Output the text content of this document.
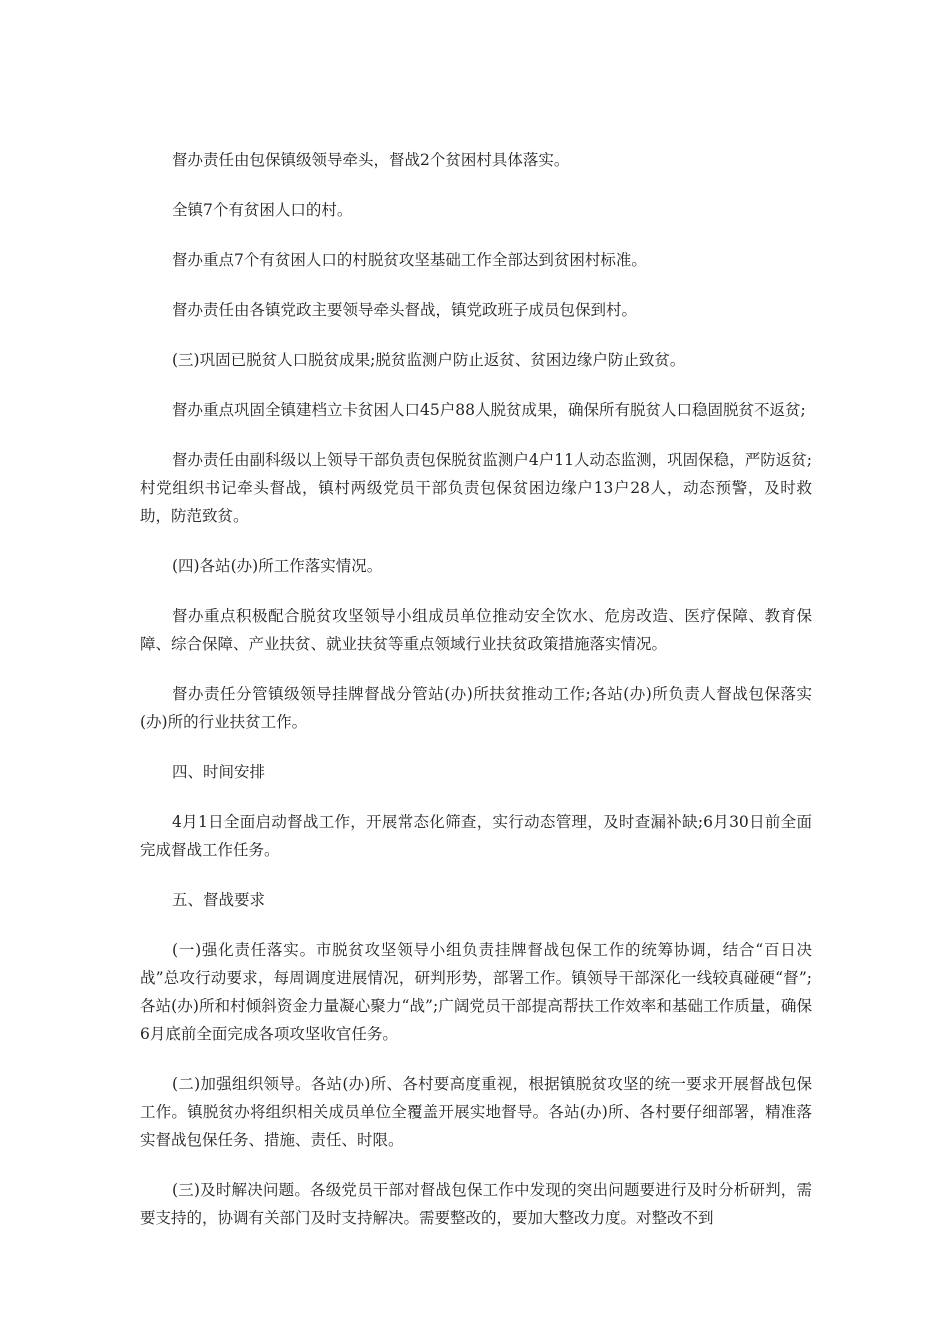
督办责任由包保镇级领导牵头，督战2个贫困村具体落实。

全镇7个有贫困人口的村。

督办重点7个有贫困人口的村脱贫攻坚基础工作全部达到贫困村标准。

督办责任由各镇党政主要领导牵头督战，镇党政班子成员包保到村。

(三)巩固已脱贫人口脱贫成果;脱贫监测户防止返贫、贫困边缘户防止致贫。

督办重点巩固全镇建档立卡贫困人口45户88人脱贫成果，确保所有脱贫人口稳固脱贫不返贫;

督办责任由副科级以上领导干部负责包保脱贫监测户4户11人动态监测，巩固保稳，严防返贫;村党组织书记牵头督战，镇村两级党员干部负责包保贫困边缘户13户28人，动态预警，及时救助，防范致贫。

(四)各站(办)所工作落实情况。

督办重点积极配合脱贫攻坚领导小组成员单位推动安全饮水、危房改造、医疗保障、教育保障、综合保障、产业扶贫、就业扶贫等重点领域行业扶贫政策措施落实情况。

督办责任分管镇级领导挂牌督战分管站(办)所扶贫推动工作;各站(办)所负责人督战包保落实(办)所的行业扶贫工作。

四、时间安排

4月1日全面启动督战工作，开展常态化筛查，实行动态管理，及时查漏补缺;6月30日前全面完成督战工作任务。

五、督战要求

(一)强化责任落实。市脱贫攻坚领导小组负责挂牌督战包保工作的统筹协调，结合“百日决战”总攻行动要求，每周调度进展情况，研判形势，部署工作。镇领导干部深化一线较真碰硬“督”;各站(办)所和村倾斜资金力量凝心聚力“战”;广阔党员干部提高帮扶工作效率和基础工作质量，确保6月底前全面完成各项攻坚收官任务。

(二)加强组织领导。各站(办)所、各村要高度重视，根据镇脱贫攻坚的统一要求开展督战包保工作。镇脱贫办将组织相关成员单位全覆盖开展实地督导。各站(办)所、各村要仔细部署，精准落实督战包保任务、措施、责任、时限。

(三)及时解决问题。各级党员干部对督战包保工作中发现的突出问题要进行及时分析研判，需要支持的，协调有关部门及时支持解决。需要整改的，要加大整改力度。对整改不到
